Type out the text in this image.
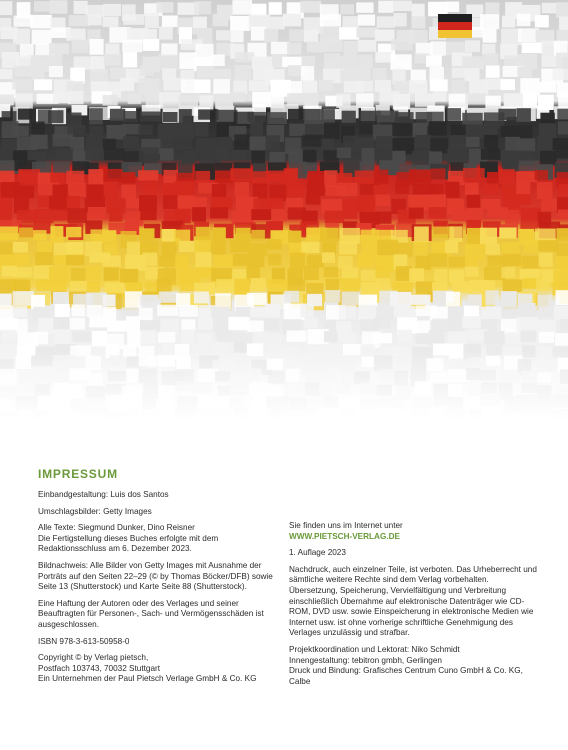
IMPRESSUM

Einbandgestaltung: Luis dos Santos

Umschlagsbilder: Getty Images

Alle Texte: Siegmund Dunker, Dino Reisner

Die Fertigstellung dieses Buches erfolgte mit dem Redaktionsschluss am 6. Dezember 2023.

Bildnachweis: Alle Bilder von Getty Images mit Ausnahme der Porträts auf den Seiten 22–29 (© by Thomas Böcker/DFB) sowie Seite 13 (Shutterstock) und Karte Seite 88 (Shutterstock).

Eine Haftung der Autoren oder des Verlages und seiner Beauftragten für Personen-, Sach- und Vermögensschäden ist ausgeschlossen.

ISBN 978-3-613-50958-0

Copyright © by Verlag pietsch,

Postfach 103743, 70032 Stuttgart

Ein Unternehmen der Paul Pietsch Verlage GmbH & Co. KG

Sie finden uns im Internet unter

WWW.PIETSCH-VERLAG.DE

1. Auflage 2023

Nachdruck, auch einzelner Teile, ist verboten. Das Urheberrecht und sämtliche weitere Rechte sind dem Verlag vorbehalten. Übersetzung, Speicherung, Vervielfältigung und Verbreitung einschließlich Übernahme auf elektronische Datenträger wie CD-ROM, DVD usw. sowie Einspeicherung in elektronische Medien wie Internet usw. ist ohne vorherige schriftliche Genehmigung des Verlages unzulässig und strafbar.

Projektkoordination und Lektorat: Niko Schmidt

Innengestaltung: tebitron gmbh, Gerlingen

Druck und Bindung: Grafisches Centrum Cuno GmbH & Co. KG, Calbe
